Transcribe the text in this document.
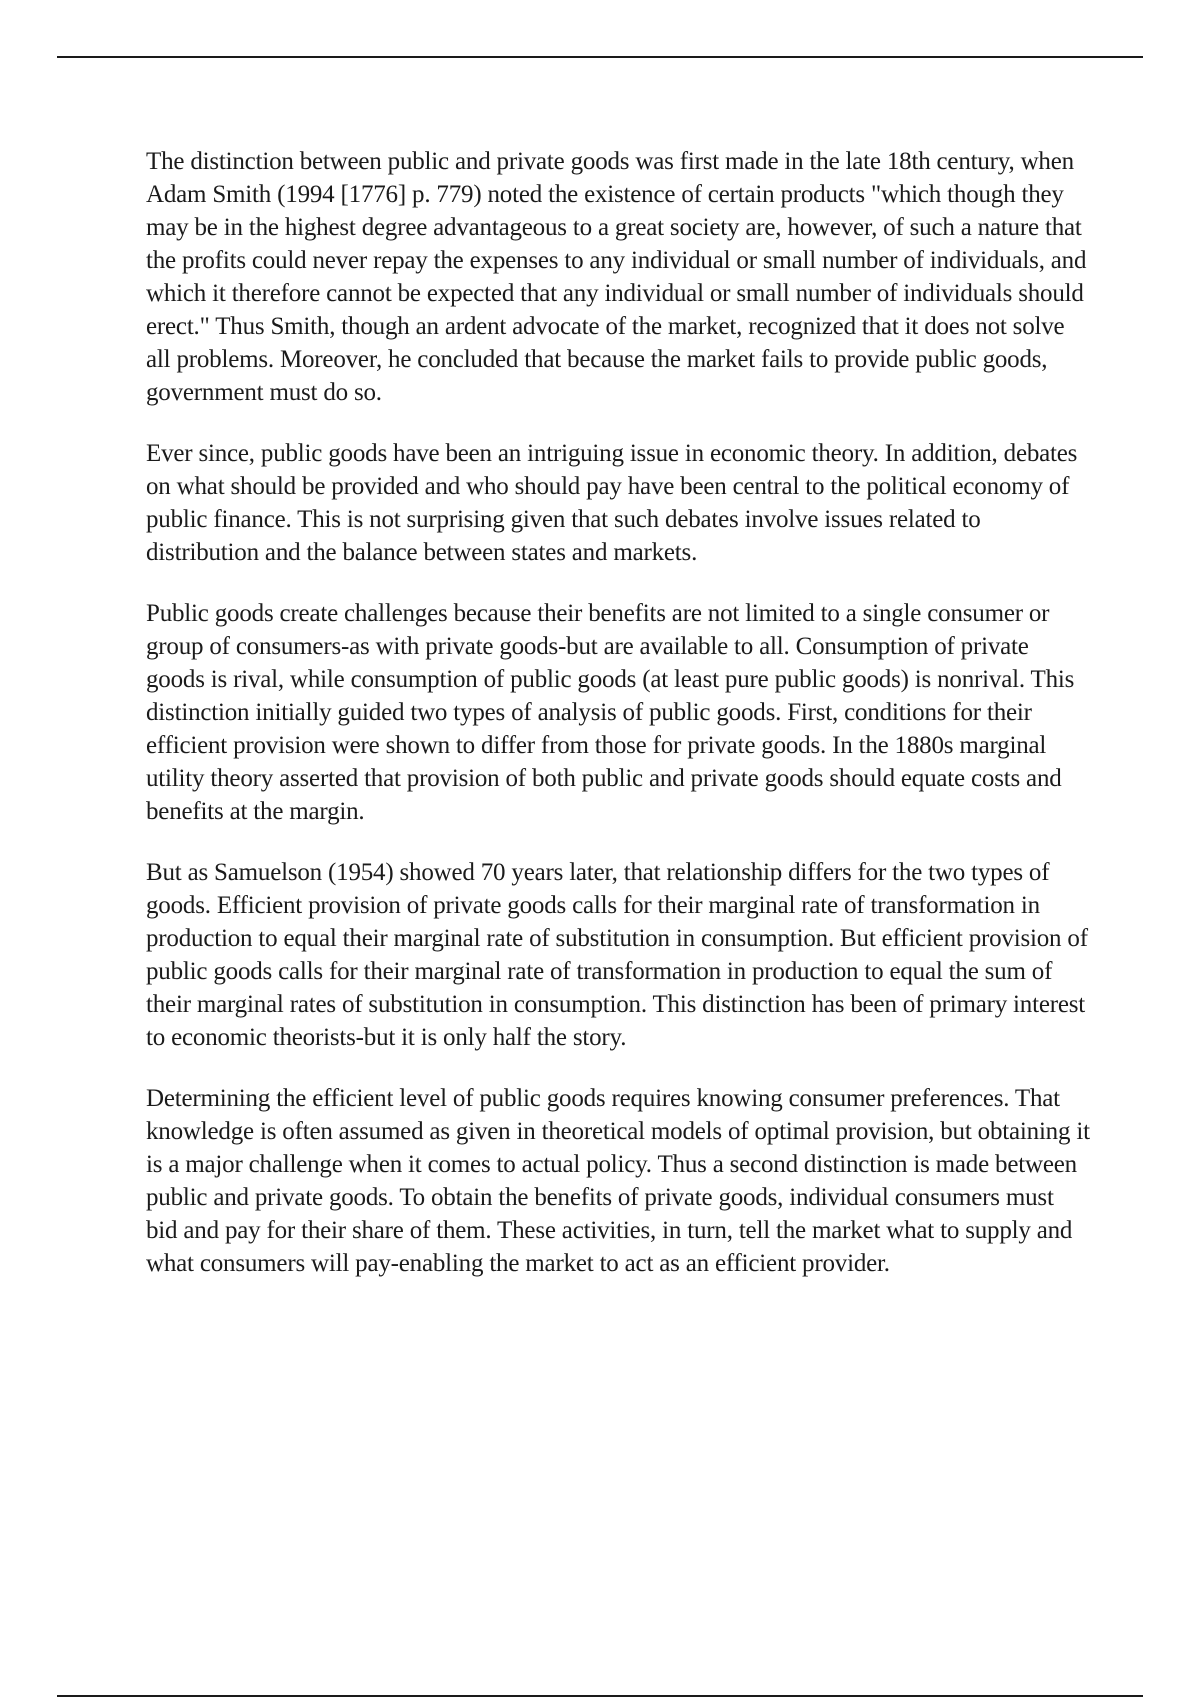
The distinction between public and private goods was first made in the late 18th century, when Adam Smith (1994 [1776] p. 779) noted the existence of certain products "which though they may be in the highest degree advantageous to a great society are, however, of such a nature that the profits could never repay the expenses to any individual or small number of individuals, and which it therefore cannot be expected that any individual or small number of individuals should erect." Thus Smith, though an ardent advocate of the market, recognized that it does not solve all problems. Moreover, he concluded that because the market fails to provide public goods, government must do so.

Ever since, public goods have been an intriguing issue in economic theory. In addition, debates on what should be provided and who should pay have been central to the political economy of public finance. This is not surprising given that such debates involve issues related to distribution and the balance between states and markets.

Public goods create challenges because their benefits are not limited to a single consumer or group of consumers-as with private goods-but are available to all. Consumption of private goods is rival, while consumption of public goods (at least pure public goods) is nonrival. This distinction initially guided two types of analysis of public goods. First, conditions for their efficient provision were shown to differ from those for private goods. In the 1880s marginal utility theory asserted that provision of both public and private goods should equate costs and benefits at the margin.

But as Samuelson (1954) showed 70 years later, that relationship differs for the two types of goods. Efficient provision of private goods calls for their marginal rate of transformation in production to equal their marginal rate of substitution in consumption. But efficient provision of public goods calls for their marginal rate of transformation in production to equal the sum of their marginal rates of substitution in consumption. This distinction has been of primary interest to economic theorists-but it is only half the story.

Determining the efficient level of public goods requires knowing consumer preferences. That knowledge is often assumed as given in theoretical models of optimal provision, but obtaining it is a major challenge when it comes to actual policy. Thus a second distinction is made between public and private goods. To obtain the benefits of private goods, individual consumers must bid and pay for their share of them. These activities, in turn, tell the market what to supply and what consumers will pay-enabling the market to act as an efficient provider.
